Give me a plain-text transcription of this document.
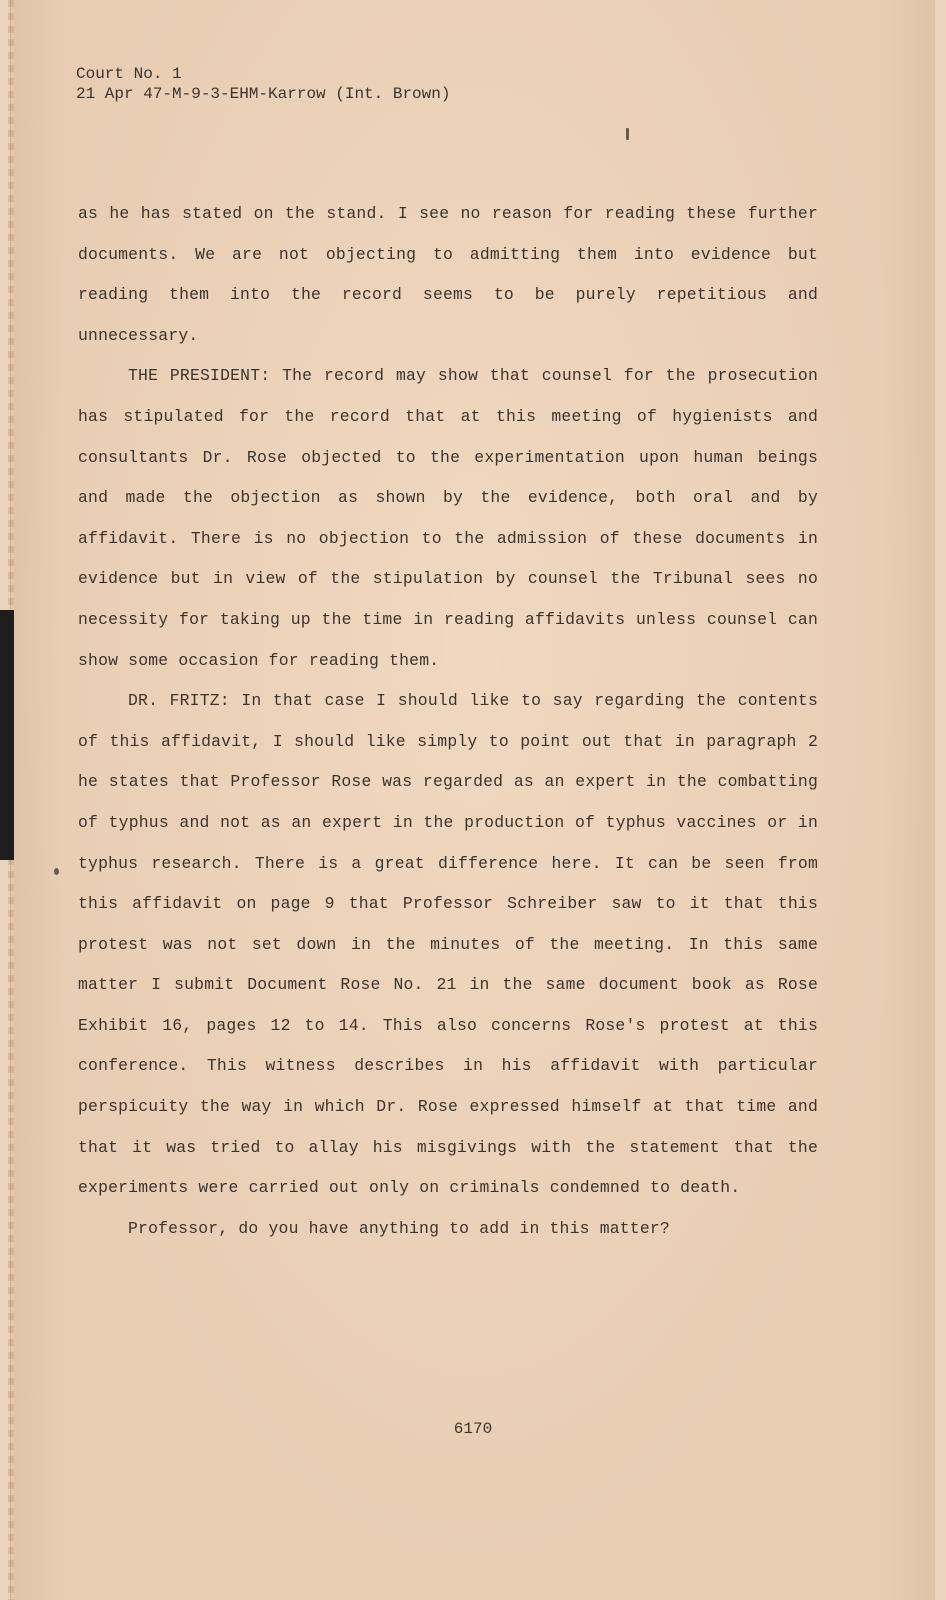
Court No. 1
21 Apr 47-M-9-3-EHM-Karrow (Int. Brown)

as he has stated on the stand. I see no reason for reading these further documents. We are not objecting to admitting them into evidence but reading them into the record seems to be purely repetitious and unnecessary.

THE PRESIDENT: The record may show that counsel for the prosecution has stipulated for the record that at this meeting of hygienists and consultants Dr. Rose objected to the experimentation upon human beings and made the objection as shown by the evidence, both oral and by affidavit. There is no objection to the admission of these documents in evidence but in view of the stipulation by counsel the Tribunal sees no necessity for taking up the time in reading affidavits unless counsel can show some occasion for reading them.

DR. FRITZ: In that case I should like to say regarding the contents of this affidavit, I should like simply to point out that in paragraph 2 he states that Professor Rose was regarded as an expert in the combatting of typhus and not as an expert in the production of typhus vaccines or in typhus research. There is a great difference here. It can be seen from this affidavit on page 9 that Professor Schreiber saw to it that this protest was not set down in the minutes of the meeting. In this same matter I submit Document Rose No. 21 in the same document book as Rose Exhibit 16, pages 12 to 14. This also concerns Rose's protest at this conference. This witness describes in his affidavit with particular perspicuity the way in which Dr. Rose expressed himself at that time and that it was tried to allay his misgivings with the statement that the experiments were carried out only on criminals condemned to death.

Professor, do you have anything to add in this matter?

6170
